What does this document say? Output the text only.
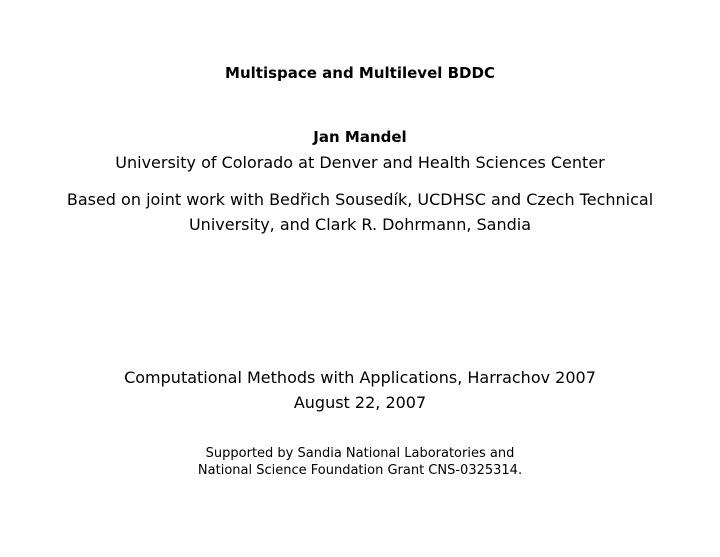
Multispace and Multilevel BDDC
Jan Mandel
University of Colorado at Denver and Health Sciences Center
Based on joint work with Bedřich Sousedík, UCDHSC and Czech Technical
University, and Clark R. Dohrmann, Sandia
Computational Methods with Applications, Harrachov 2007
August 22, 2007
Supported by Sandia National Laboratories and
National Science Foundation Grant CNS-0325314.
